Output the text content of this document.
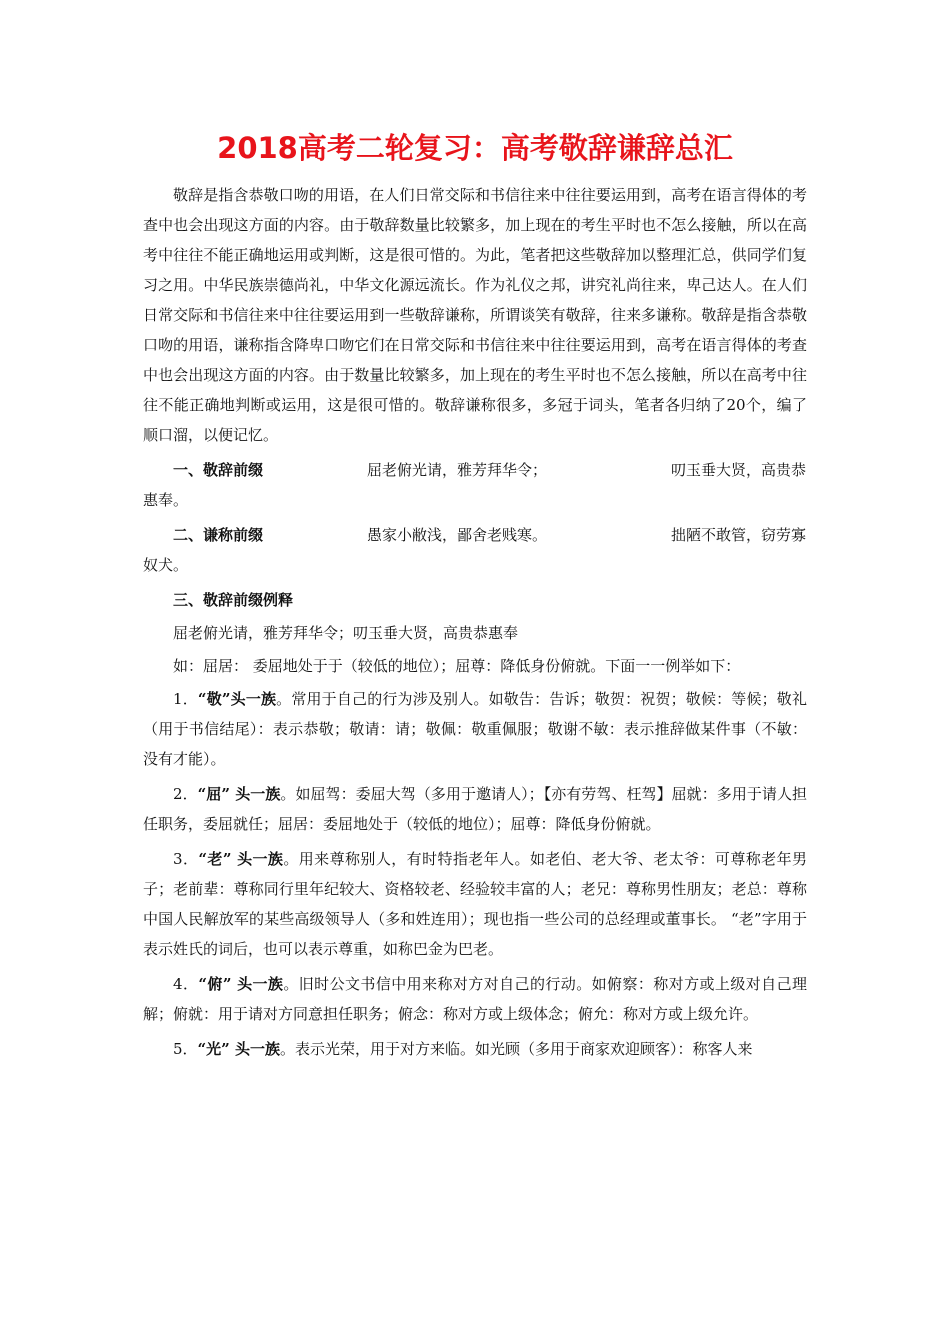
2018高考二轮复习：高考敬辞谦辞总汇

敬辞是指含恭敬口吻的用语，在人们日常交际和书信往来中往往要运用到，高考在语言得体的考查中也会出现这方面的内容。由于敬辞数量比较繁多，加上现在的考生平时也不怎么接触，所以在高考中往往不能正确地运用或判断，这是很可惜的。为此，笔者把这些敬辞加以整理汇总，供同学们复习之用。中华民族崇德尚礼，中华文化源远流长。作为礼仪之邦，讲究礼尚往来，卑己达人。在人们日常交际和书信往来中往往要运用到一些敬辞谦称，所谓谈笑有敬辞，往来多谦称。敬辞是指含恭敬口吻的用语，谦称指含降卑口吻它们在日常交际和书信往来中往往要运用到，高考在语言得体的考查中也会出现这方面的内容。由于数量比较繁多，加上现在的考生平时也不怎么接触，所以在高考中往往不能正确地判断或运用，这是很可惜的。敬辞谦称很多，多冠于词头，笔者各归纳了20个，编了顺口溜，以便记忆。

一、敬辞前缀	屈老俯光请，雅芳拜华令；	叨玉垂大贤，高贵恭惠奉。
二、谦称前缀	愚家小敝浅，鄙舍老贱寒。	拙陋不敢管，窃劳寡奴犬。
三、敬辞前缀例释
屈老俯光请，雅芳拜华令；叨玉垂大贤，高贵恭惠奉
如：屈居： 委屈地处于于（较低的地位）；屈尊：降低身份俯就。下面一一例举如下：

1．“敬”头一族。常用于自己的行为涉及别人。如敬告：告诉；敬贺：祝贺；敬候：等候；敬礼（用于书信结尾）：表示恭敬；敬请：请；敬佩：敬重佩服；敬谢不敏：表示推辞做某件事（不敏：没有才能）。

2．“屈” 头一族。如屈驾：委屈大驾（多用于邀请人）；【亦有劳驾、枉驾】屈就：多用于请人担任职务，委屈就任；屈居：委屈地处于（较低的地位）；屈尊：降低身份俯就。

3．“老” 头一族。用来尊称别人，有时特指老年人。如老伯、老大爷、老太爷：可尊称老年男子；老前辈：尊称同行里年纪较大、资格较老、经验较丰富的人；老兄：尊称男性朋友；老总：尊称中国人民解放军的某些高级领导人（多和姓连用）；现也指一些公司的总经理或董事长。 “老”字用于表示姓氏的词后，也可以表示尊重，如称巴金为巴老。

4．“俯” 头一族。旧时公文书信中用来称对方对自己的行动。如俯察：称对方或上级对自己理解；俯就：用于请对方同意担任职务；俯念：称对方或上级体念；俯允：称对方或上级允许。

5．“光” 头一族。表示光荣，用于对方来临。如光顾（多用于商家欢迎顾客）：称客人来
